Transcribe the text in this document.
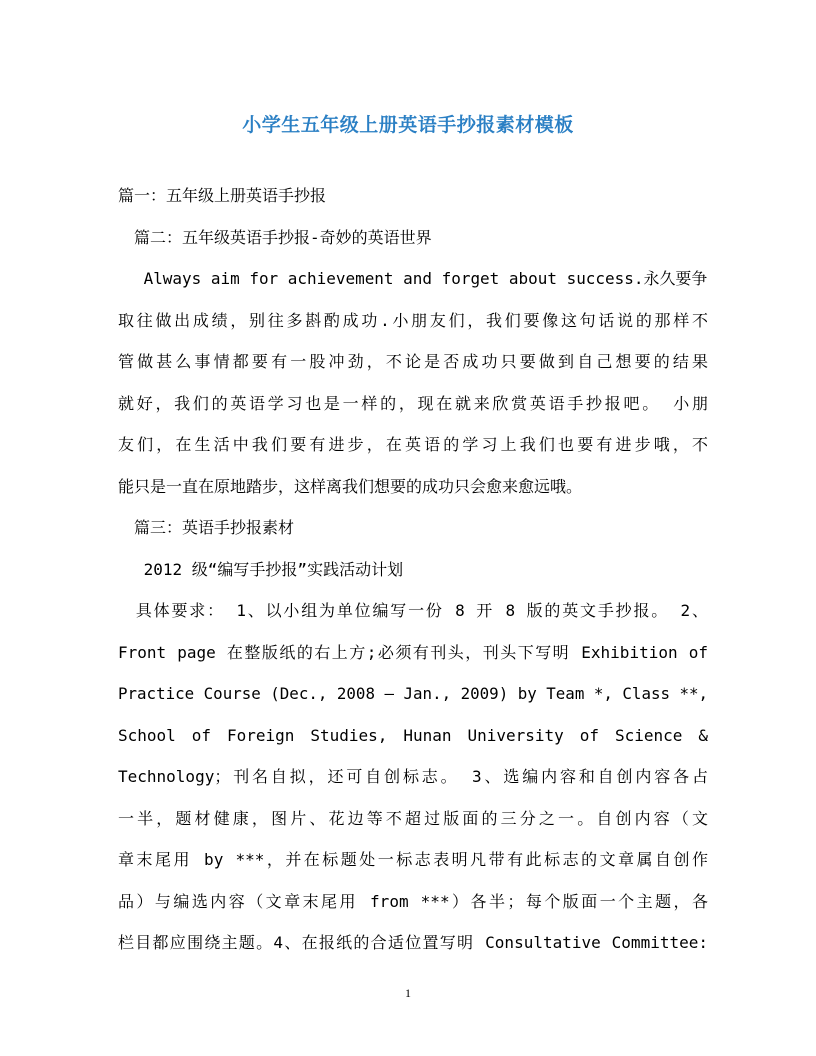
小学生五年级上册英语手抄报素材模板
篇一：五年级上册英语手抄报
　篇二：五年级英语手抄报-奇妙的英语世界
　 Always aim for achievement and forget about success.永久要争
取往做出成绩，别往多斟酌成功.小朋友们，我们要像这句话说的那样不
管做甚么事情都要有一股冲劲，不论是否成功只要做到自己想要的结果
就好，我们的英语学习也是一样的，现在就来欣赏英语手抄报吧。 小朋
友们，在生活中我们要有进步，在英语的学习上我们也要有进步哦，不
能只是一直在原地踏步，这样离我们想要的成功只会愈来愈远哦。
　篇三：英语手抄报素材
　 2012 级“编写手抄报”实践活动计划
　具体要求： 1、以小组为单位编写一份 8 开 8 版的英文手抄报。 2、
Front page 在整版纸的右上方;必须有刊头，刊头下写明 Exhibition of
Practice Course (Dec., 2008 – Jan., 2009) by Team *, Class **,
School of Foreign Studies, Hunan University of Science &
Technology；刊名自拟，还可自创标志。 3、选编内容和自创内容各占
一半，题材健康，图片、花边等不超过版面的三分之一。自创内容（文
章末尾用 by ***，并在标题处一标志表明凡带有此标志的文章属自创作
品）与编选内容（文章末尾用 from ***）各半；每个版面一个主题，各
栏目都应围绕主题。4、在报纸的合适位置写明 Consultative Committee:
1
